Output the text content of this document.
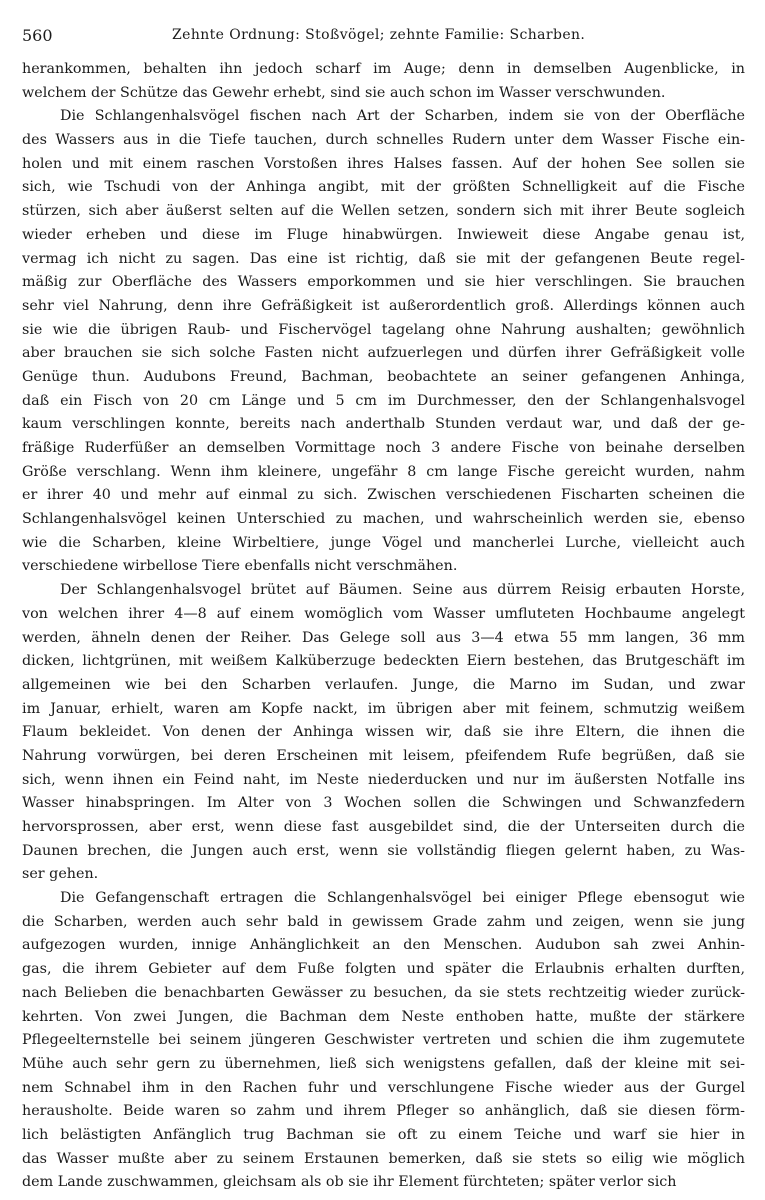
560	Zehnte Ordnung: Stoßvögel; zehnte Familie: Scharben.
herankommen, behalten ihn jedoch scharf im Auge; denn in demselben Augenblicke, in
welchem der Schütze das Gewehr erhebt, sind sie auch schon im Wasser verschwunden.
Die Schlangenhalsvögel fischen nach Art der Scharben, indem sie von der Oberfläche
des Wassers aus in die Tiefe tauchen, durch schnelles Rudern unter dem Wasser Fische ein-
holen und mit einem raschen Vorstoßen ihres Halses fassen. Auf der hohen See sollen sie
sich, wie Tschudi von der Anhinga angibt, mit der größten Schnelligkeit auf die Fische
stürzen, sich aber äußerst selten auf die Wellen setzen, sondern sich mit ihrer Beute sogleich
wieder erheben und diese im Fluge hinabwürgen. Inwieweit diese Angabe genau ist,
vermag ich nicht zu sagen. Das eine ist richtig, daß sie mit der gefangenen Beute regel-
mäßig zur Oberfläche des Wassers emporkommen und sie hier verschlingen. Sie brauchen
sehr viel Nahrung, denn ihre Gefräßigkeit ist außerordentlich groß. Allerdings können auch
sie wie die übrigen Raub- und Fischervögel tagelang ohne Nahrung aushalten; gewöhnlich
aber brauchen sie sich solche Fasten nicht aufzuerlegen und dürfen ihrer Gefräßigkeit volle
Genüge thun. Audubons Freund, Bachman, beobachtete an seiner gefangenen Anhinga,
daß ein Fisch von 20 cm Länge und 5 cm im Durchmesser, den der Schlangenhalsvogel
kaum verschlingen konnte, bereits nach anderthalb Stunden verdaut war, und daß der ge-
fräßige Ruderfüßer an demselben Vormittage noch 3 andere Fische von beinahe derselben
Größe verschlang. Wenn ihm kleinere, ungefähr 8 cm lange Fische gereicht wurden, nahm
er ihrer 40 und mehr auf einmal zu sich. Zwischen verschiedenen Fischarten scheinen die
Schlangenhalsvögel keinen Unterschied zu machen, und wahrscheinlich werden sie, ebenso
wie die Scharben, kleine Wirbeltiere, junge Vögel und mancherlei Lurche, vielleicht auch
verschiedene wirbellose Tiere ebenfalls nicht verschmähen.
Der Schlangenhalsvogel brütet auf Bäumen. Seine aus dürrem Reisig erbauten Horste,
von welchen ihrer 4—8 auf einem womöglich vom Wasser umfluteten Hochbaume angelegt
werden, ähneln denen der Reiher. Das Gelege soll aus 3—4 etwa 55 mm langen, 36 mm
dicken, lichtgrünen, mit weißem Kalküberzuge bedeckten Eiern bestehen, das Brutgeschäft im
allgemeinen wie bei den Scharben verlaufen. Junge, die Marno im Sudan, und zwar
im Januar, erhielt, waren am Kopfe nackt, im übrigen aber mit feinem, schmutzig weißem
Flaum bekleidet. Von denen der Anhinga wissen wir, daß sie ihre Eltern, die ihnen die
Nahrung vorwürgen, bei deren Erscheinen mit leisem, pfeifendem Rufe begrüßen, daß sie
sich, wenn ihnen ein Feind naht, im Neste niederducken und nur im äußersten Notfalle ins
Wasser hinabspringen. Im Alter von 3 Wochen sollen die Schwingen und Schwanzfedern
hervorsprossen, aber erst, wenn diese fast ausgebildet sind, die der Unterseiten durch die
Daunen brechen, die Jungen auch erst, wenn sie vollständig fliegen gelernt haben, zu Was-
ser gehen.
Die Gefangenschaft ertragen die Schlangenhalsvögel bei einiger Pflege ebensogut wie
die Scharben, werden auch sehr bald in gewissem Grade zahm und zeigen, wenn sie jung
aufgezogen wurden, innige Anhänglichkeit an den Menschen. Audubon sah zwei Anhin-
gas, die ihrem Gebieter auf dem Fuße folgten und später die Erlaubnis erhalten durften,
nach Belieben die benachbarten Gewässer zu besuchen, da sie stets rechtzeitig wieder zurück-
kehrten. Von zwei Jungen, die Bachman dem Neste enthoben hatte, mußte der stärkere
Pflegeelternstelle bei seinem jüngeren Geschwister vertreten und schien die ihm zugemutete
Mühe auch sehr gern zu übernehmen, ließ sich wenigstens gefallen, daß der kleine mit sei-
nem Schnabel ihm in den Rachen fuhr und verschlungene Fische wieder aus der Gurgel
herausholte. Beide waren so zahm und ihrem Pfleger so anhänglich, daß sie diesen förm-
lich belästigten Anfänglich trug Bachman sie oft zu einem Teiche und warf sie hier in
das Wasser mußte aber zu seinem Erstaunen bemerken, daß sie stets so eilig wie möglich
dem Lande zuschwammen, gleichsam als ob sie ihr Element fürchteten; später verlor sich
